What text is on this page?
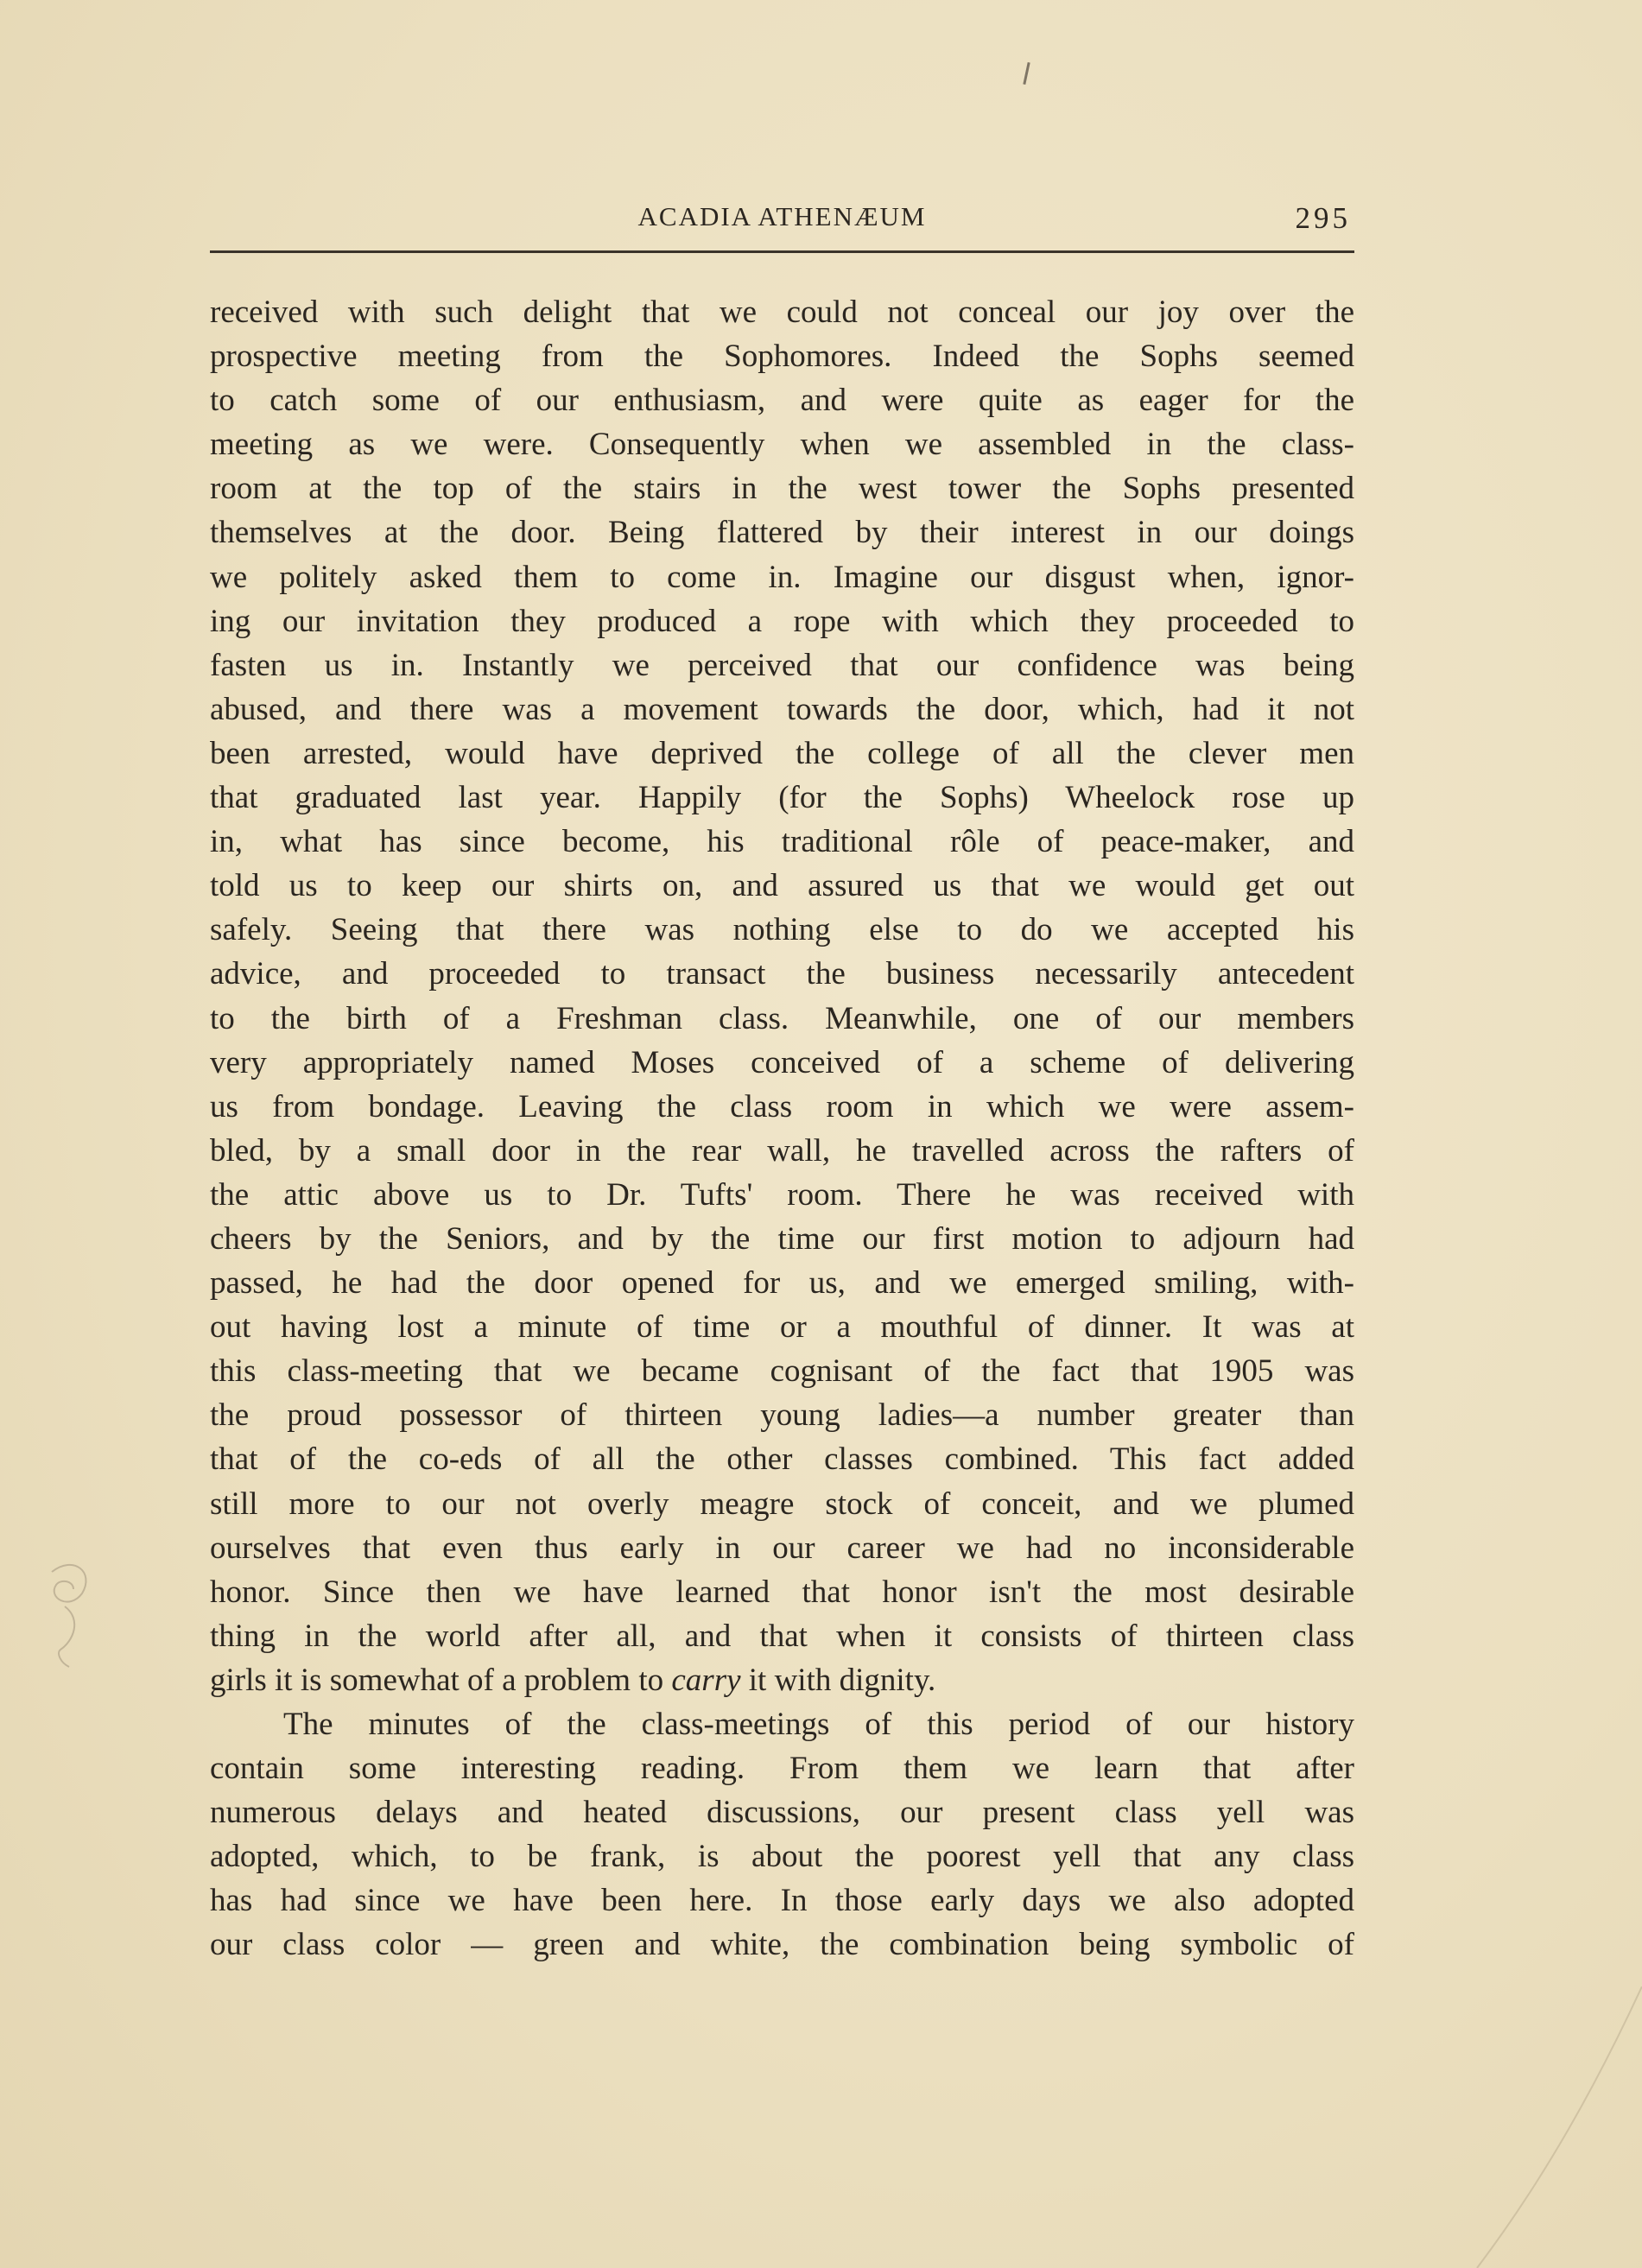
ACADIA ATHENÆUM	295
received with such delight that we could not conceal our joy over the
prospective meeting from the Sophomores. Indeed the Sophs seemed
to catch some of our enthusiasm, and were quite as eager for the
meeting as we were. Consequently when we assembled in the class-
room at the top of the stairs in the west tower the Sophs presented
themselves at the door. Being flattered by their interest in our doings
we politely asked them to come in. Imagine our disgust when, ignor-
ing our invitation they produced a rope with which they proceeded to
fasten us in. Instantly we perceived that our confidence was being
abused, and there was a movement towards the door, which, had it not
been arrested, would have deprived the college of all the clever men
that graduated last year. Happily (for the Sophs) Wheelock rose up
in, what has since become, his traditional rôle of peace-maker, and
told us to keep our shirts on, and assured us that we would get out
safely. Seeing that there was nothing else to do we accepted his
advice, and proceeded to transact the business necessarily antecedent
to the birth of a Freshman class. Meanwhile, one of our members
very appropriately named Moses conceived of a scheme of delivering
us from bondage. Leaving the class room in which we were assem-
bled, by a small door in the rear wall, he travelled across the rafters of
the attic above us to Dr. Tufts' room. There he was received with
cheers by the Seniors, and by the time our first motion to adjourn had
passed, he had the door opened for us, and we emerged smiling, with-
out having lost a minute of time or a mouthful of dinner. It was at
this class-meeting that we became cognisant of the fact that 1905 was
the proud possessor of thirteen young ladies—a number greater than
that of the co-eds of all the other classes combined. This fact added
still more to our not overly meagre stock of conceit, and we plumed
ourselves that even thus early in our career we had no inconsiderable
honor. Since then we have learned that honor isn't the most desirable
thing in the world after all, and that when it consists of thirteen class
girls it is somewhat of a problem to carry it with dignity.
The minutes of the class-meetings of this period of our history
contain some interesting reading. From them we learn that after
numerous delays and heated discussions, our present class yell was
adopted, which, to be frank, is about the poorest yell that any class
has had since we have been here. In those early days we also adopted
our class color — green and white, the combination being symbolic of
